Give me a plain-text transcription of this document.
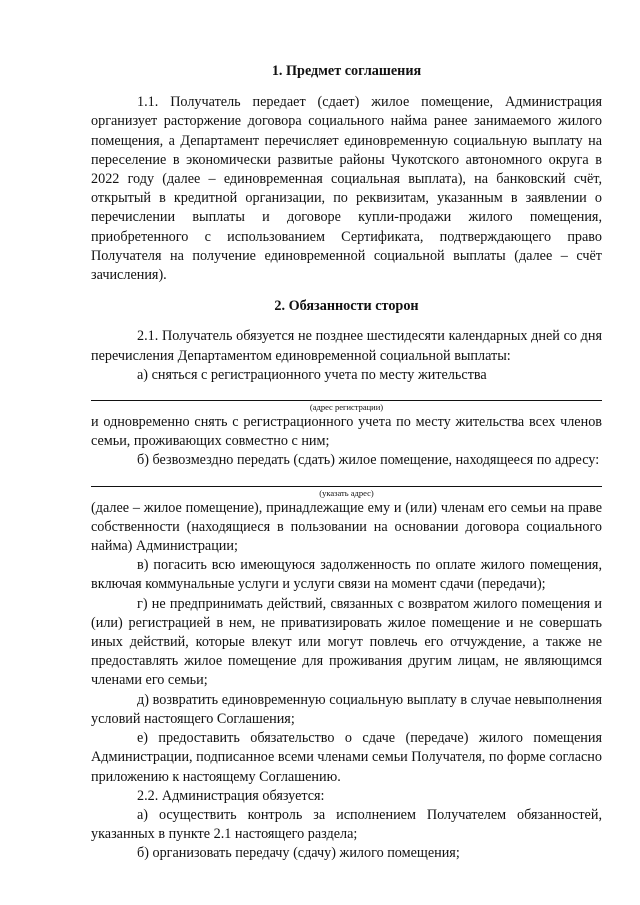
1. Предмет соглашения

1.1. Получатель передает (сдает) жилое помещение, Администрация организует расторжение договора социального найма ранее занимаемого жилого помещения, а Департамент перечисляет единовременную социальную выплату на переселение в экономически развитые районы Чукотского автономного округа в 2022 году (далее – единовременная социальная выплата), на банковский счёт, открытый в кредитной организации, по реквизитам, указанным в заявлении о перечислении выплаты и договоре купли-продажи жилого помещения, приобретенного с использованием Сертификата, подтверждающего право Получателя на получение единовременной социальной выплаты (далее – счёт зачисления).

2. Обязанности сторон

2.1. Получатель обязуется не позднее шестидесяти календарных дней со дня перечисления Департаментом единовременной социальной выплаты:

а) сняться с регистрационного учета по месту жительства

(адрес регистрации)

и одновременно снять с регистрационного учета по месту жительства всех членов семьи, проживающих совместно с ним;

б) безвозмездно передать (сдать) жилое помещение, находящееся по адресу:

(указать адрес)

(далее – жилое помещение), принадлежащие ему и (или) членам его семьи на праве собственности (находящиеся в пользовании на основании договора социального найма) Администрации;

в) погасить всю имеющуюся задолженность по оплате жилого помещения, включая коммунальные услуги и услуги связи на момент сдачи (передачи);

г) не предпринимать действий, связанных с возвратом жилого помещения и (или) регистрацией в нем, не приватизировать жилое помещение и не совершать иных действий, которые влекут или могут повлечь его отчуждение, а также не предоставлять жилое помещение для проживания другим лицам, не являющимся членами его семьи;

д) возвратить единовременную социальную выплату в случае невыполнения условий настоящего Соглашения;

е) предоставить обязательство о сдаче (передаче) жилого помещения Администрации, подписанное всеми членами семьи Получателя, по форме согласно приложению к настоящему Соглашению.

2.2. Администрация обязуется:

а) осуществить контроль за исполнением Получателем обязанностей, указанных в пункте 2.1 настоящего раздела;

б) организовать передачу (сдачу) жилого помещения;
